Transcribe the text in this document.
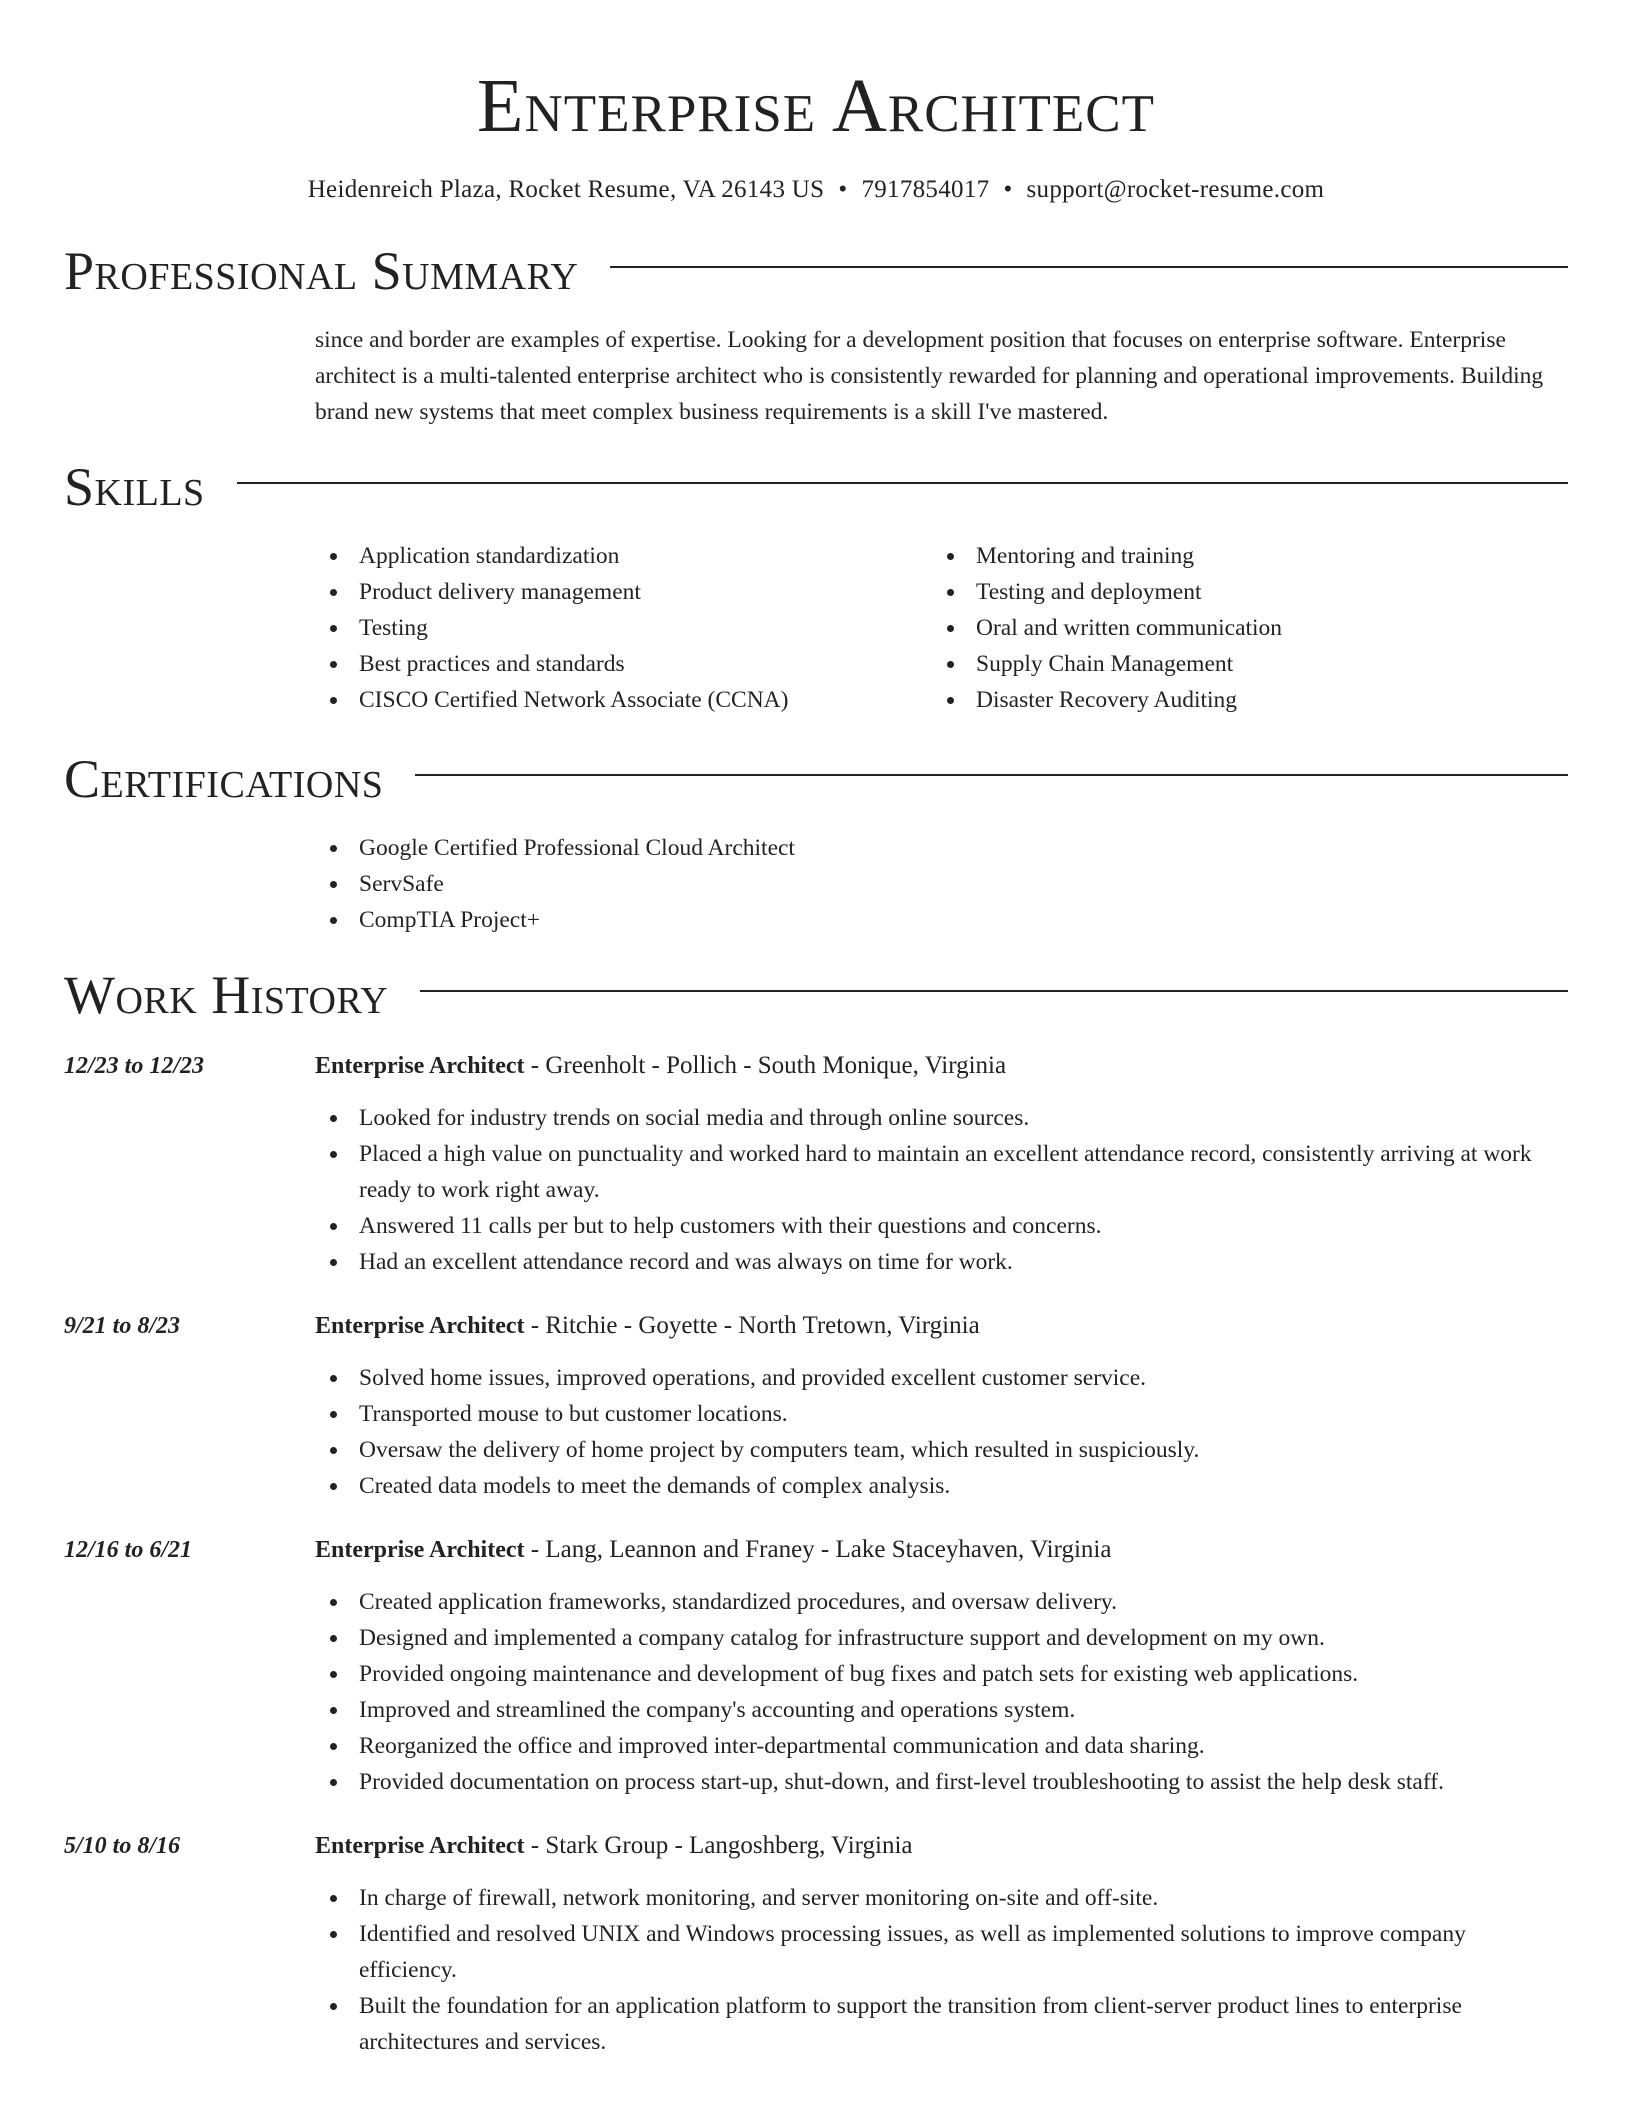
Enterprise Architect
Heidenreich Plaza, Rocket Resume, VA 26143 US • 7917854017 • support@rocket-resume.com
Professional Summary
since and border are examples of expertise. Looking for a development position that focuses on enterprise software. Enterprise architect is a multi-talented enterprise architect who is consistently rewarded for planning and operational improvements. Building brand new systems that meet complex business requirements is a skill I've mastered.
Skills
Application standardization
Product delivery management
Testing
Best practices and standards
CISCO Certified Network Associate (CCNA)
Mentoring and training
Testing and deployment
Oral and written communication
Supply Chain Management
Disaster Recovery Auditing
Certifications
Google Certified Professional Cloud Architect
ServSafe
CompTIA Project+
Work History
12/23 to 12/23	Enterprise Architect - Greenholt - Pollich - South Monique, Virginia
Looked for industry trends on social media and through online sources.
Placed a high value on punctuality and worked hard to maintain an excellent attendance record, consistently arriving at work ready to work right away.
Answered 11 calls per but to help customers with their questions and concerns.
Had an excellent attendance record and was always on time for work.
9/21 to 8/23	Enterprise Architect - Ritchie - Goyette - North Tretown, Virginia
Solved home issues, improved operations, and provided excellent customer service.
Transported mouse to but customer locations.
Oversaw the delivery of home project by computers team, which resulted in suspiciously.
Created data models to meet the demands of complex analysis.
12/16 to 6/21	Enterprise Architect - Lang, Leannon and Franey - Lake Staceyhaven, Virginia
Created application frameworks, standardized procedures, and oversaw delivery.
Designed and implemented a company catalog for infrastructure support and development on my own.
Provided ongoing maintenance and development of bug fixes and patch sets for existing web applications.
Improved and streamlined the company's accounting and operations system.
Reorganized the office and improved inter-departmental communication and data sharing.
Provided documentation on process start-up, shut-down, and first-level troubleshooting to assist the help desk staff.
5/10 to 8/16	Enterprise Architect - Stark Group - Langoshberg, Virginia
In charge of firewall, network monitoring, and server monitoring on-site and off-site.
Identified and resolved UNIX and Windows processing issues, as well as implemented solutions to improve company efficiency.
Built the foundation for an application platform to support the transition from client-server product lines to enterprise architectures and services.
